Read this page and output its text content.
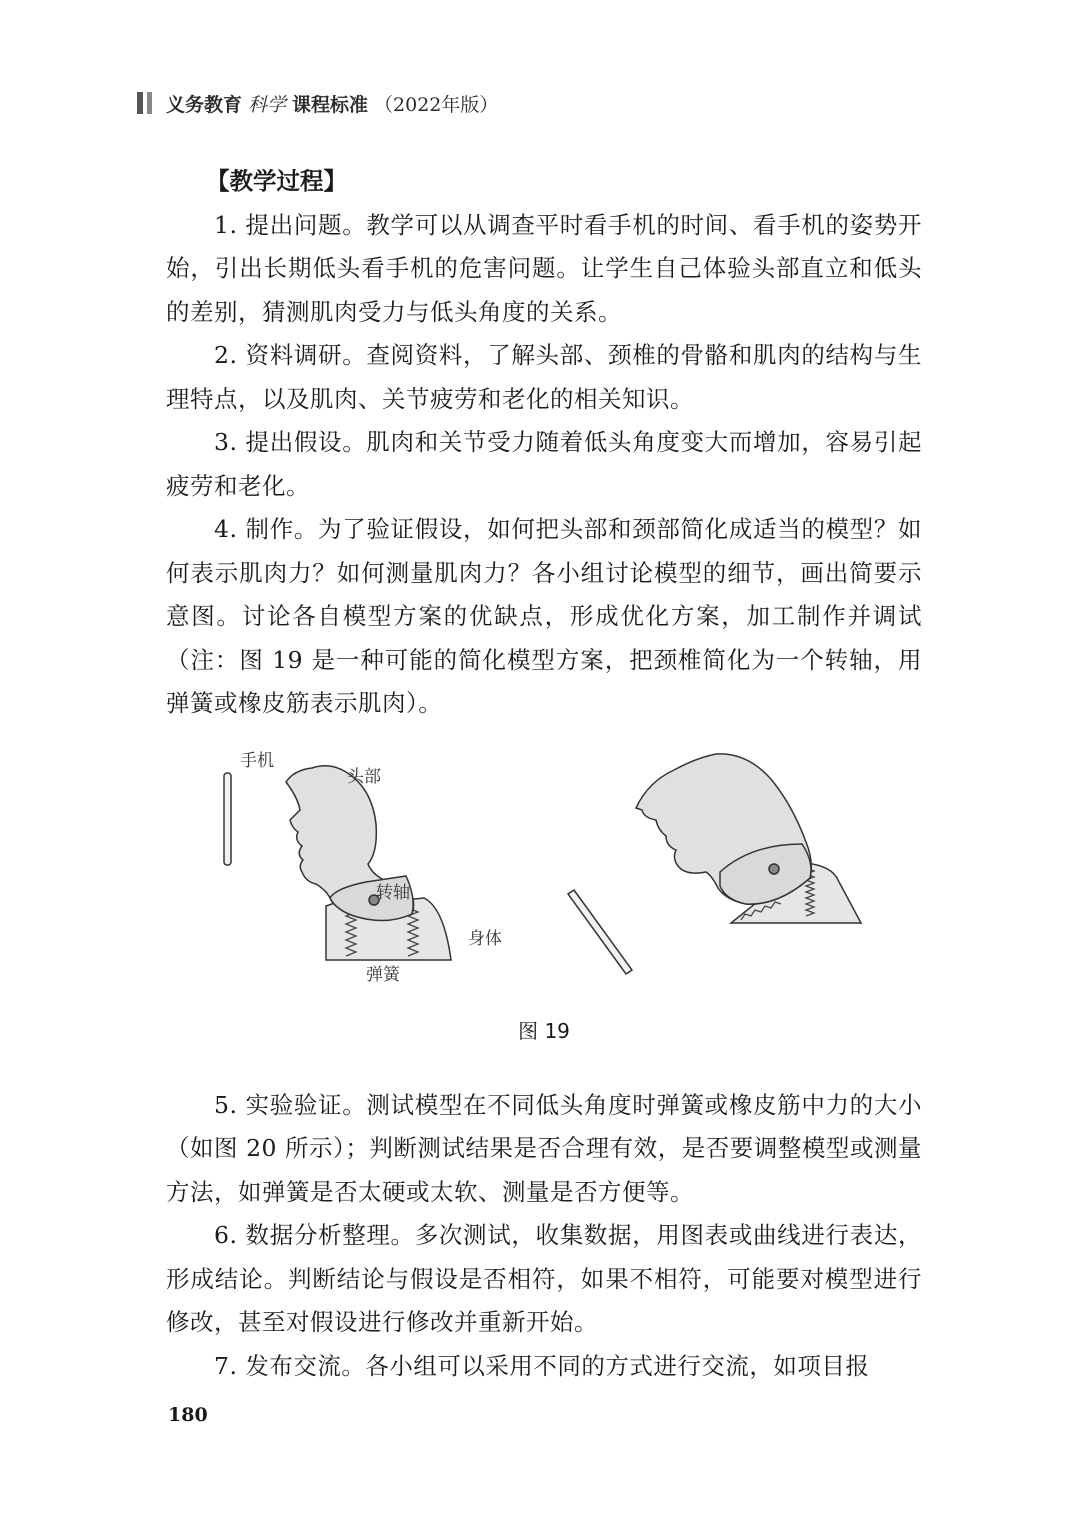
义务教育 科学 课程标准 （2022年版）
【教学过程】

1. 提出问题。教学可以从调查平时看手机的时间、看手机的姿势开始，引出长期低头看手机的危害问题。让学生自己体验头部直立和低头的差别，猜测肌肉受力与低头角度的关系。

2. 资料调研。查阅资料，了解头部、颈椎的骨骼和肌肉的结构与生理特点，以及肌肉、关节疲劳和老化的相关知识。

3. 提出假设。肌肉和关节受力随着低头角度变大而增加，容易引起疲劳和老化。

4. 制作。为了验证假设，如何把头部和颈部简化成适当的模型？如何表示肌肉力？如何测量肌肉力？各小组讨论模型的细节，画出简要示意图。讨论各自模型方案的优缺点，形成优化方案，加工制作并调试（注：图 19 是一种可能的简化模型方案，把颈椎简化为一个转轴，用弹簧或橡皮筋表示肌肉）。

手机
头部
转轴
身体
弹簧
图 19

5. 实验验证。测试模型在不同低头角度时弹簧或橡皮筋中力的大小（如图 20 所示）；判断测试结果是否合理有效，是否要调整模型或测量方法，如弹簧是否太硬或太软、测量是否方便等。

6. 数据分析整理。多次测试，收集数据，用图表或曲线进行表达，形成结论。判断结论与假设是否相符，如果不相符，可能要对模型进行修改，甚至对假设进行修改并重新开始。

7. 发布交流。各小组可以采用不同的方式进行交流，如项目报

180
